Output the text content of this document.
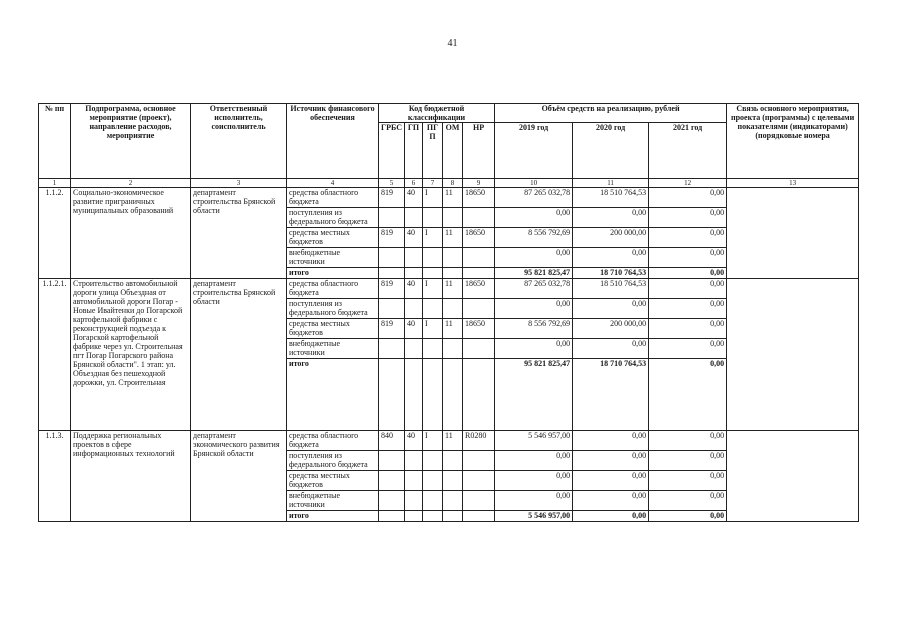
41
№ пп	Подпрограмма, основное мероприятие (проект), направление расходов, мероприятие	Ответственный исполнитель, соисполнитель	Источник финансового обеспечения	Код бюджетной классификации					Объём средств на реализацию, рублей			Связь основного мероприятия, проекта (программы) с целевыми показателями (индикаторами) (порядковые номера
				ГРБС	ГП	ПГП	ОМ	НР	2019 год	2020 год	2021 год	
1	2	3	4	5	6	7	8	9	10	11	12	13
1.1.2.	Социально-экономическое развитие приграничных муниципальных образований	департамент строительства Брянской области	средства областного бюджета	819	40	I	11	18650	87 265 032,78	18 510 764,53	0,00	
			поступления из федерального бюджета						0,00	0,00	0,00	
			средства местных бюджетов	819	40	I	11	18650	8 556 792,69	200 000,00	0,00	
			внебюджетные источники						0,00	0,00	0,00	
			итого						95 821 825,47	18 710 764,53	0,00	
1.1.2.1.	Строительство автомобильной дороги улица Объездная от автомобильной дороги Погар - Новые Ивайтенки до Погарской картофельной фабрики с реконструкцией подъезда к Погарской картофельной фабрике через ул. Строительная пгт Погар Погарского района Брянской области". 1 этап: ул. Объездная без пешеходной дорожки, ул. Строительная	департамент строительства Брянской области	средства областного бюджета	819	40	I	11	18650	87 265 032,78	18 510 764,53	0,00	
			поступления из федерального бюджета						0,00	0,00	0,00	
			средства местных бюджетов	819	40	I	11	18650	8 556 792,69	200 000,00	0,00	
			внебюджетные источники						0,00	0,00	0,00	
			итого						95 821 825,47	18 710 764,53	0,00	
1.1.3.	Поддержка региональных проектов в сфере информационных технологий	департамент экономического развития Брянской области	средства областного бюджета	840	40	I	11	R0280	5 546 957,00	0,00	0,00	
			поступления из федерального бюджета						0,00	0,00	0,00	
			средства местных бюджетов						0,00	0,00	0,00	
			внебюджетные источники						0,00	0,00	0,00	
			итого						5 546 957,00	0,00	0,00	
